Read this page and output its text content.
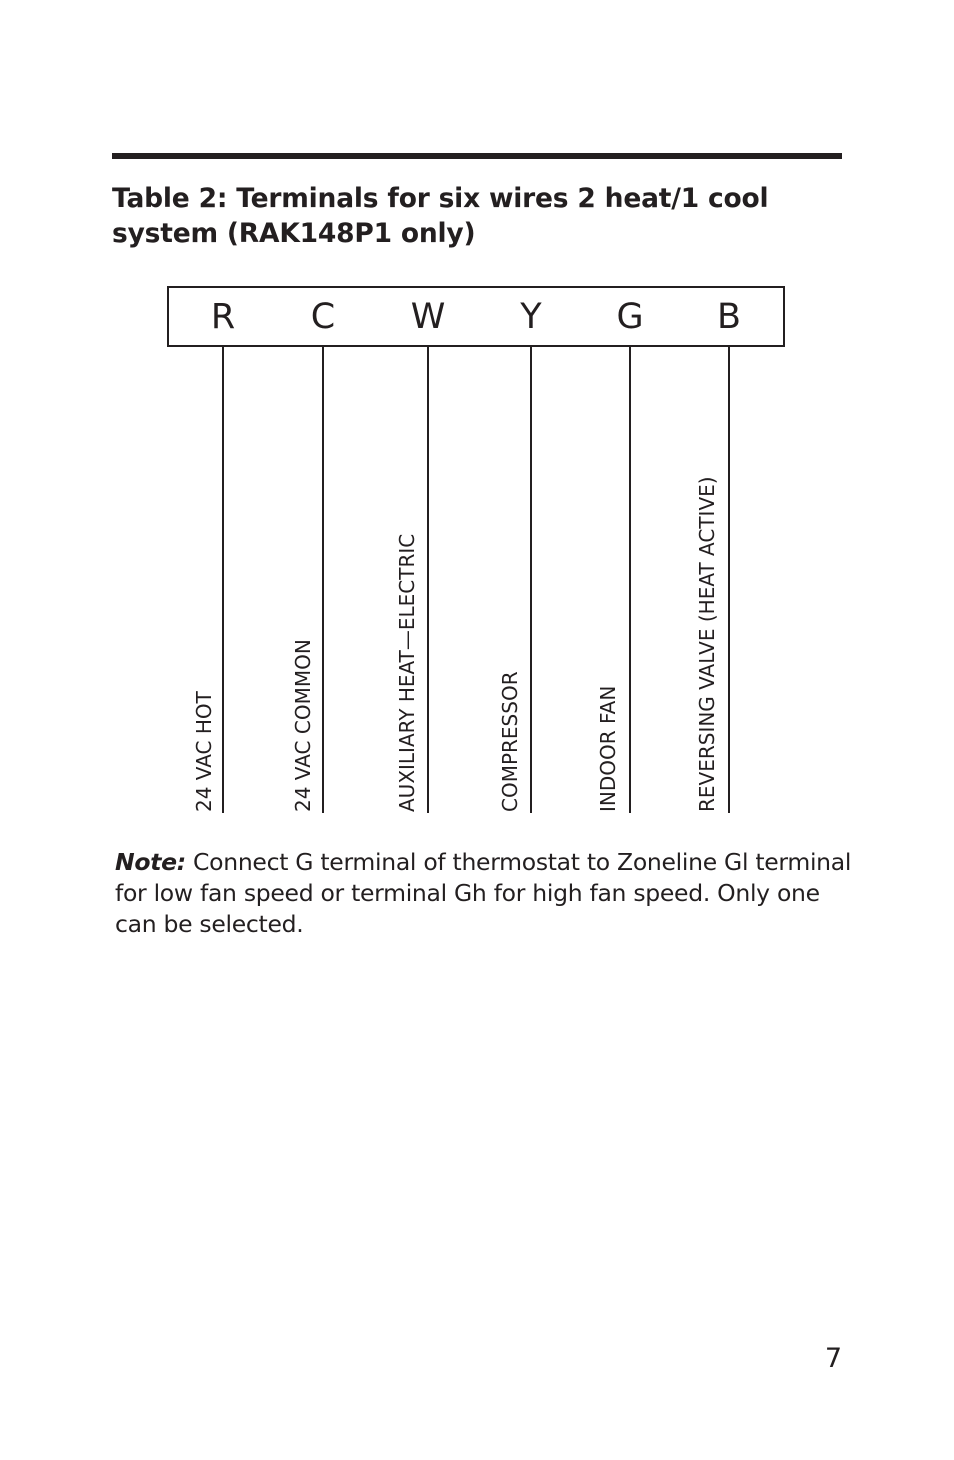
Table 2: Terminals for six wires 2 heat/1 cool system (RAK148P1 only)
R
24 VAC HOT
C
24 VAC COMMON
W
AUXILIARY HEAT—ELECTRIC
Y
COMPRESSOR
G
INDOOR FAN
B
REVERSING VALVE (HEAT ACTIVE)

Note: Connect G terminal of thermostat to Zoneline Gl terminal for low fan speed or terminal Gh for high fan speed. Only one can be selected.

7
